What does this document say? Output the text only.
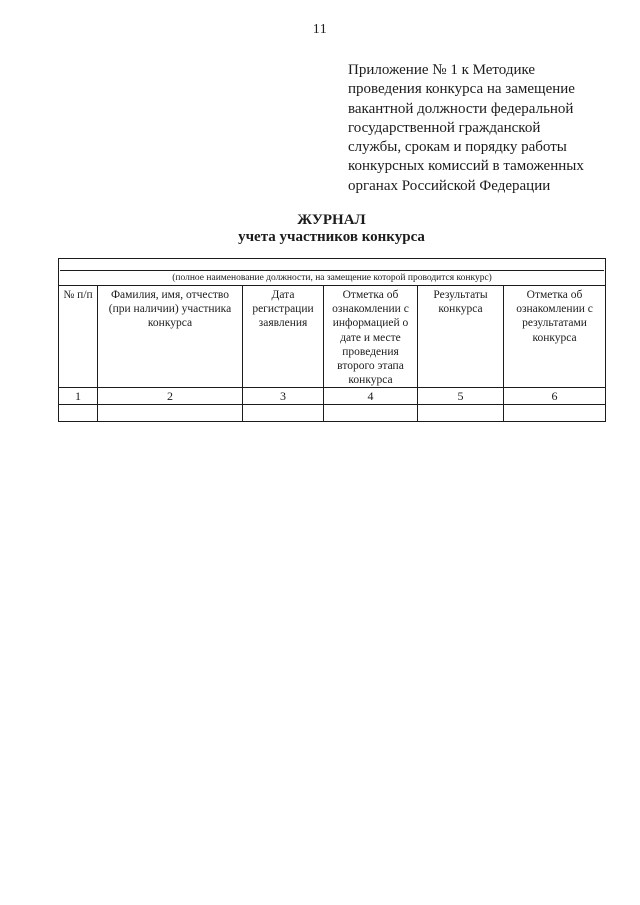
11
Приложение № 1 к Методике
проведения конкурса на замещение
вакантной должности федеральной
государственной гражданской
службы, срокам и порядку работы
конкурсных комиссий в таможенных
органах Российской Федерации
ЖУРНАЛ
учета участников конкурса
(полное наименование должности, на замещение которой проводится конкурс)					

№ п/п	Фамилия, имя, отчество (при наличии) участника конкурса	Дата регистрации заявления	Отметка об ознакомлении с информацией о дате и месте проведения второго этапа конкурса	Результаты конкурса	Отметка об ознакомлении с результатами конкурса
1	2	3	4	5	6
